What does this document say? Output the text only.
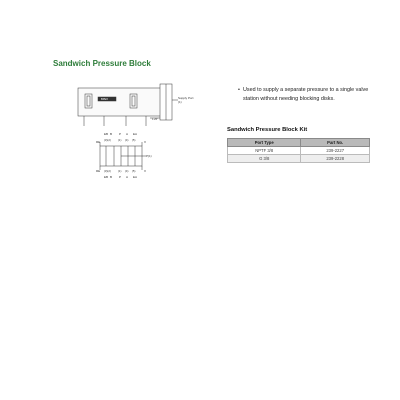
Sandwich Pressure Block
BPEX	Supply Port
(1)
1.26"
EB B P A EA
(3)(2)	(1) (4) (5)
RE	X
P(1)
RE	X
(3)(2)	(1) (4) (5)
EB B P A EA
• Used to supply a separate pressure to a single valve station without needing blocking disks.
Sandwich Pressure Block Kit
Port Type	Part No.
NPTF 3/8	239-2227
G 3/8	239-2228
